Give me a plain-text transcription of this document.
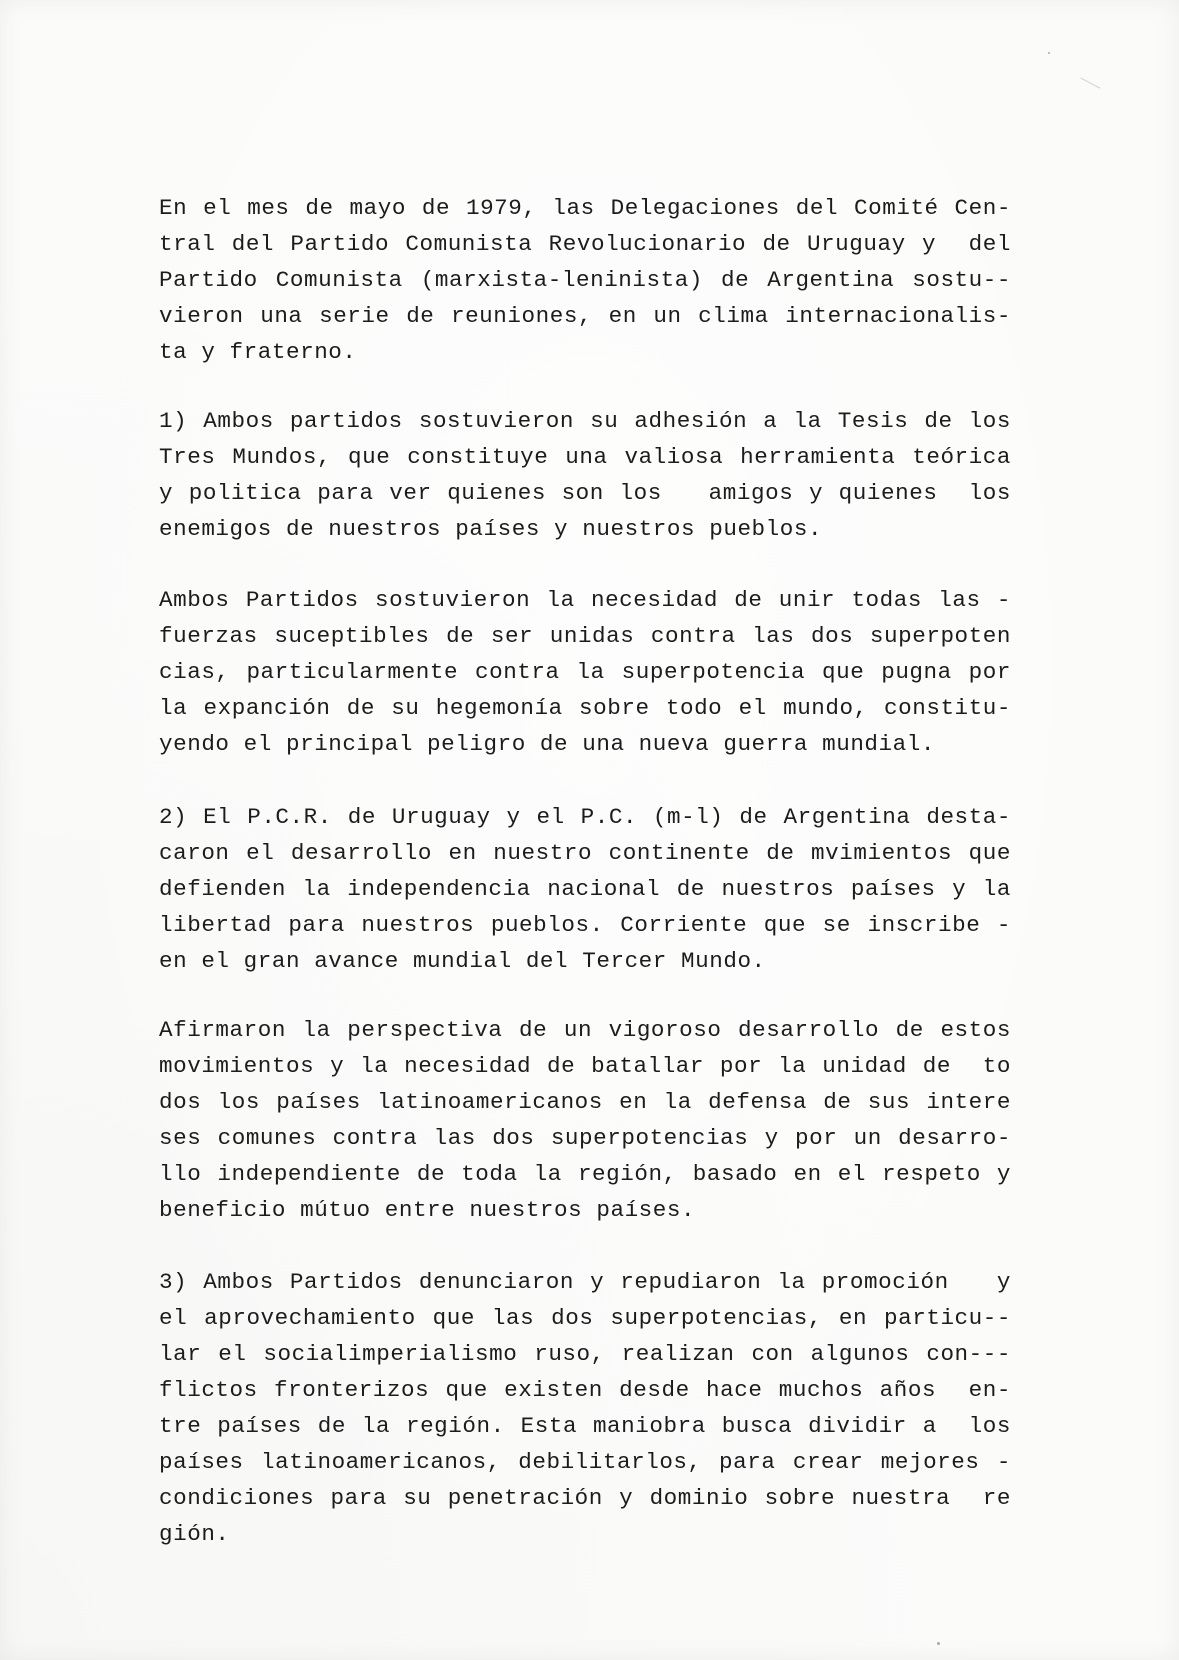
En el mes de mayo de 1979, las Delegaciones del Comité Cen-
tral del Partido Comunista Revolucionario de Uruguay y  del
Partido Comunista (marxista-leninista) de Argentina sostu--
vieron una serie de reuniones, en un clima internacionalis-
ta y fraterno.
1) Ambos partidos sostuvieron su adhesión a la Tesis de los
Tres Mundos, que constituye una valiosa herramienta teórica
y politica para ver quienes son los   amigos y quienes  los
enemigos de nuestros países y nuestros pueblos.
Ambos Partidos sostuvieron la necesidad de unir todas las -
fuerzas suceptibles de ser unidas contra las dos superpoten
cias, particularmente contra la superpotencia que pugna por
la expanción de su hegemonía sobre todo el mundo, constitu-
yendo el principal peligro de una nueva guerra mundial.
2) El P.C.R. de Uruguay y el P.C. (m-l) de Argentina desta-
caron el desarrollo en nuestro continente de mvimientos que
defienden la independencia nacional de nuestros países y la
libertad para nuestros pueblos. Corriente que se inscribe -
en el gran avance mundial del Tercer Mundo.
Afirmaron la perspectiva de un vigoroso desarrollo de estos
movimientos y la necesidad de batallar por la unidad de  to
dos los países latinoamericanos en la defensa de sus intere
ses comunes contra las dos superpotencias y por un desarro-
llo independiente de toda la región, basado en el respeto y
beneficio mútuo entre nuestros países.
3) Ambos Partidos denunciaron y repudiaron la promoción   y
el aprovechamiento que las dos superpotencias, en particu--
lar el socialimperialismo ruso, realizan con algunos con---
flictos fronterizos que existen desde hace muchos años  en-
tre países de la región. Esta maniobra busca dividir a  los
países latinoamericanos, debilitarlos, para crear mejores -
condiciones para su penetración y dominio sobre nuestra  re
gión.
